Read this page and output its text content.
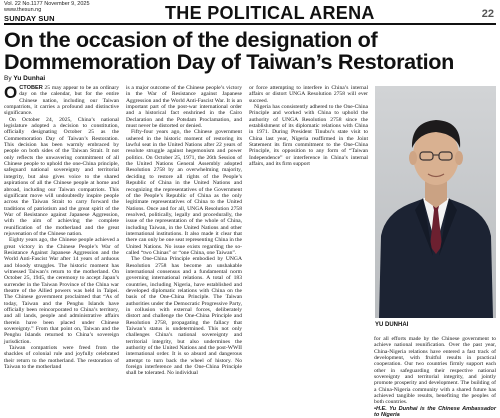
Vol. 22 No.1177 November 9, 2025
www.thesun.ng
SUNDAY SUN	THE POLITICAL ARENA	22
On the occasion of the designation of
Dommemoration Day of Taiwan’s Restoration
By Yu Dunhai

OCTOBER 25 may appear to be an ordinary day on the calendar, but for the entire Chinese nation, including our Taiwan compatriots, it carries a profound and distinctive significance.

On October 24, 2025, China’s national legislature adopted a decision to constitution, officially designating October 25 as the Commemoration Day of Taiwan’s Restoration. This decision has been warmly embraced by people on both sides of the Taiwan Strait. It not only reflects the unwavering commitment of all Chinese people to uphold the one-China principle, safeguard national sovereignty and territorial integrity, but also gives voice to the shared aspirations of all the Chinese people at home and abroad, including our Taiwan compatriots. This significant move will undoubtedly inspire people across the Taiwan Strait to carry forward the traditions of patriotism and the great spirit of the War of Resistance against Japanese Aggression, with the aim of achieving the complete reunification of the motherland and the great rejuvenation of the Chinese nation.

Eighty years ago, the Chinese people achieved a great victory in the Chinese People’s War of Resistance Against Japanese Aggression and the World Anti-Fascist War after 14 years of arduous and bloody struggles. The historic moment has witnessed Taiwan’s return to the motherland. On October 25, 1945, the ceremony to accept Japan’s surrender in the Taiwan Province of the China war theatre of the Allied powers was held in Taipei. The Chinese government proclaimed that “As of today, Taiwan and the Penghu Islands have officially been reincorporated to China’s territory, and all lands, people and administrative affairs therein have been placed under Chinese sovereignty.” From that point on, Taiwan and the Penghu Islands returned to China’s sovereign jurisdiction.

Taiwan compatriots were freed from the shackles of colonial rule and joyfully celebrated their return to the motherland. The restoration of Taiwan to the motherland

is a major outcome of the Chinese people’s victory in the War of Resistance against Japanese Aggression and the World Anti-Fascist War. It is an important part of the post-war international order and a historical fact enshrined in the Cairo Declaration and the Potsdam Proclamation, and must never be distorted or denied.

Fifty-four years ago, the Chinese government ushered in the historic moment of restoring its lawful seat in the United Nations after 22 years of resolute struggle against hegemonism and power politics. On October 25, 1971, the 26th Session of the United Nations General Assembly adopted Resolution 2758 by an overwhelming majority, deciding to restore all rights of the People’s Republic of China in the United Nations and recognizing the representatives of the Government of the People’s Republic of China as the only legitimate representatives of China to the United Nations. Once and for all, UNGA Resolution 2758 resolved, politically, legally and procedurally, the issue of the representation of the whole of China, including Taiwan, in the United Nations and other international institutions. It also made it clear that there can only be one seat representing China in the United Nations. No issue exists regarding the so-called “two Chinas” or “one China, one Taiwan”.

The One-China Principle embodied by UNGA Resolution 2758 has become an unshakable international consensus and a fundamental norm governing international relations. A total of 183 countries, including Nigeria, have established and developed diplomatic relations with China on the basis of the One-China Principle. The Taiwan authorities under the Democratic Progressive Party, in collusion with external forces, deliberately distort and challenge the One-China Principle and Resolution 2758, propagating the fallacy that Taiwan’s status is undetermined. This not only challenges China’s national sovereignty and territorial integrity, but also undermines the authority of the United Nations and the post-WWII international order. It is so absurd and dangerous attempt to turn back the wheel of history. No foreign interference and the One-China Principle shall be tolerated. No individual

or force attempting to interfere in China’s internal affairs or distort UNGA Resolution 2758 will ever succeed.

Nigeria has consistently adhered to the One-China Principle and worked with China to uphold the authority of UNGA Resolution 2758 since the establishment of its diplomatic relations with China in 1971. During President Tinubu’s state visit to China last year, Nigeria reaffirmed in the Joint Statement its firm commitment to the One-China Principle, its opposition to any form of “Taiwan Independence” or interference in China’s internal affairs, and its firm support

YU DUNHAI

for all efforts made by the Chinese government to achieve national reunification. Over the past year, China-Nigeria relations have entered a fast track of development, with fruitful results in practical cooperation. Our two countries firmly support each other in safeguarding their respective national sovereignty and territorial integrity, and jointly promote prosperity and development. The building of a China-Nigeria community with a shared future has achieved tangible results, benefiting the peoples of both countries.

•H.E. Yu Dunhai is the Chinese Ambassador to Nigeria
